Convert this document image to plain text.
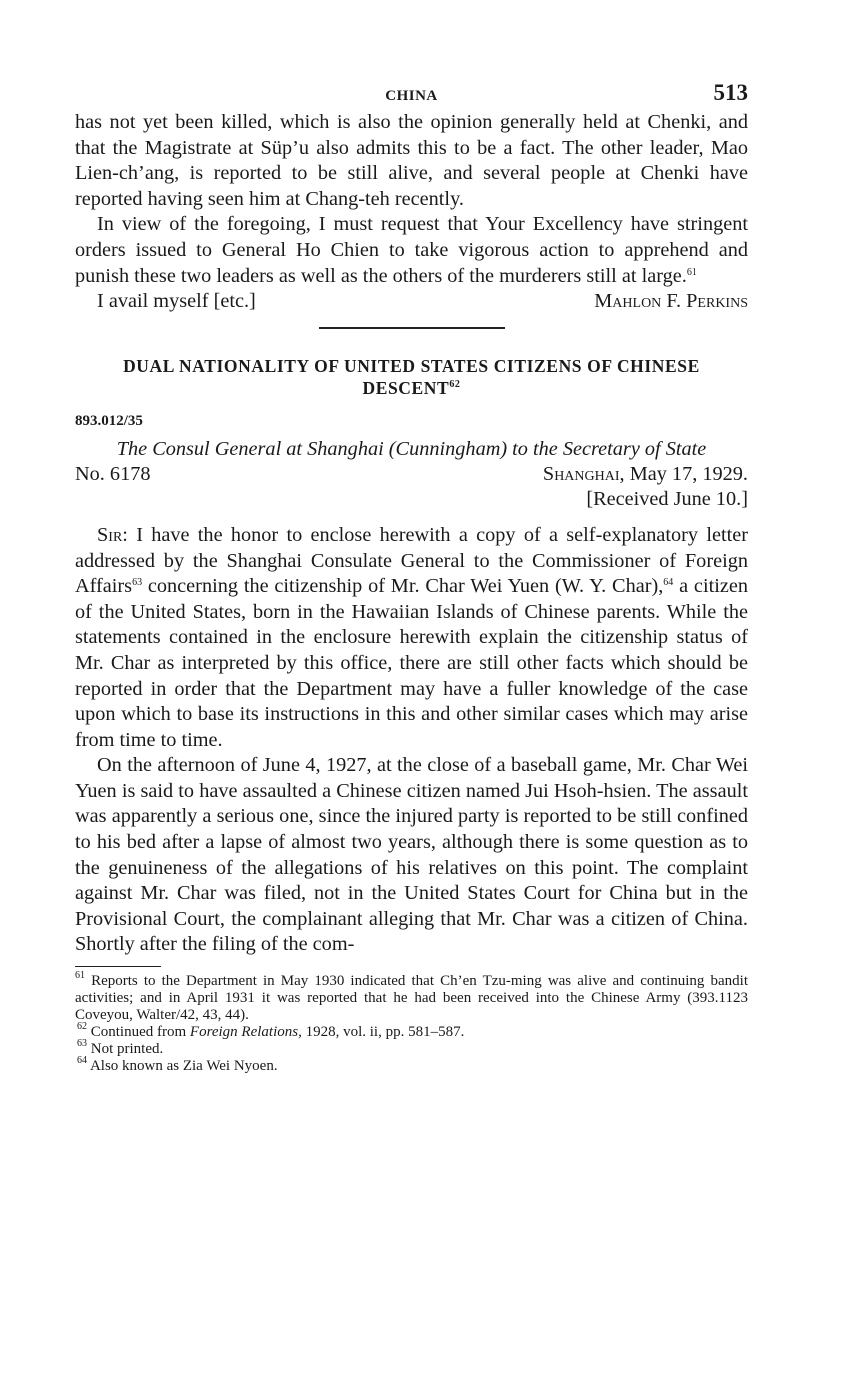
CHINA	513

has not yet been killed, which is also the opinion generally held at Chenki, and that the Magistrate at Süp’u also admits this to be a fact. The other leader, Mao Lien-ch’ang, is reported to be still alive, and several people at Chenki have reported having seen him at Chang-teh recently.

In view of the foregoing, I must request that Your Excellency have stringent orders issued to General Ho Chien to take vigorous action to apprehend and punish these two leaders as well as the others of the murderers still at large.$^{61}$

I avail myself [etc.]	Mahlon F. Perkins
DUAL NATIONALITY OF UNITED STATES CITIZENS OF CHINESE DESCENT$^{62}$
893.012/35
The Consul General at Shanghai (Cunningham) to the Secretary of State
No. 6178	Shanghai, May 17, 1929.
[Received June 10.]

Sir: I have the honor to enclose herewith a copy of a self-explanatory letter addressed by the Shanghai Consulate General to the Commissioner of Foreign Affairs$^{63}$ concerning the citizenship of Mr. Char Wei Yuen (W. Y. Char),$^{64}$ a citizen of the United States, born in the Hawaiian Islands of Chinese parents. While the statements contained in the enclosure herewith explain the citizenship status of Mr. Char as interpreted by this office, there are still other facts which should be reported in order that the Department may have a fuller knowledge of the case upon which to base its instructions in this and other similar cases which may arise from time to time.

On the afternoon of June 4, 1927, at the close of a baseball game, Mr. Char Wei Yuen is said to have assaulted a Chinese citizen named Jui Hsoh-hsien. The assault was apparently a serious one, since the injured party is reported to be still confined to his bed after a lapse of almost two years, although there is some question as to the genuineness of the allegations of his relatives on this point. The complaint against Mr. Char was filed, not in the United States Court for China but in the Provisional Court, the complainant alleging that Mr. Char was a citizen of China. Shortly after the filing of the com-

$^{61}$ Reports to the Department in May 1930 indicated that Ch’en Tzu-ming was alive and continuing bandit activities; and in April 1931 it was reported that he had been received into the Chinese Army (393.1123 Coveyou, Walter/42, 43, 44).
$^{62}$ Continued from Foreign Relations, 1928, vol. ii, pp. 581–587.
$^{63}$ Not printed.
$^{64}$ Also known as Zia Wei Nyoen.
